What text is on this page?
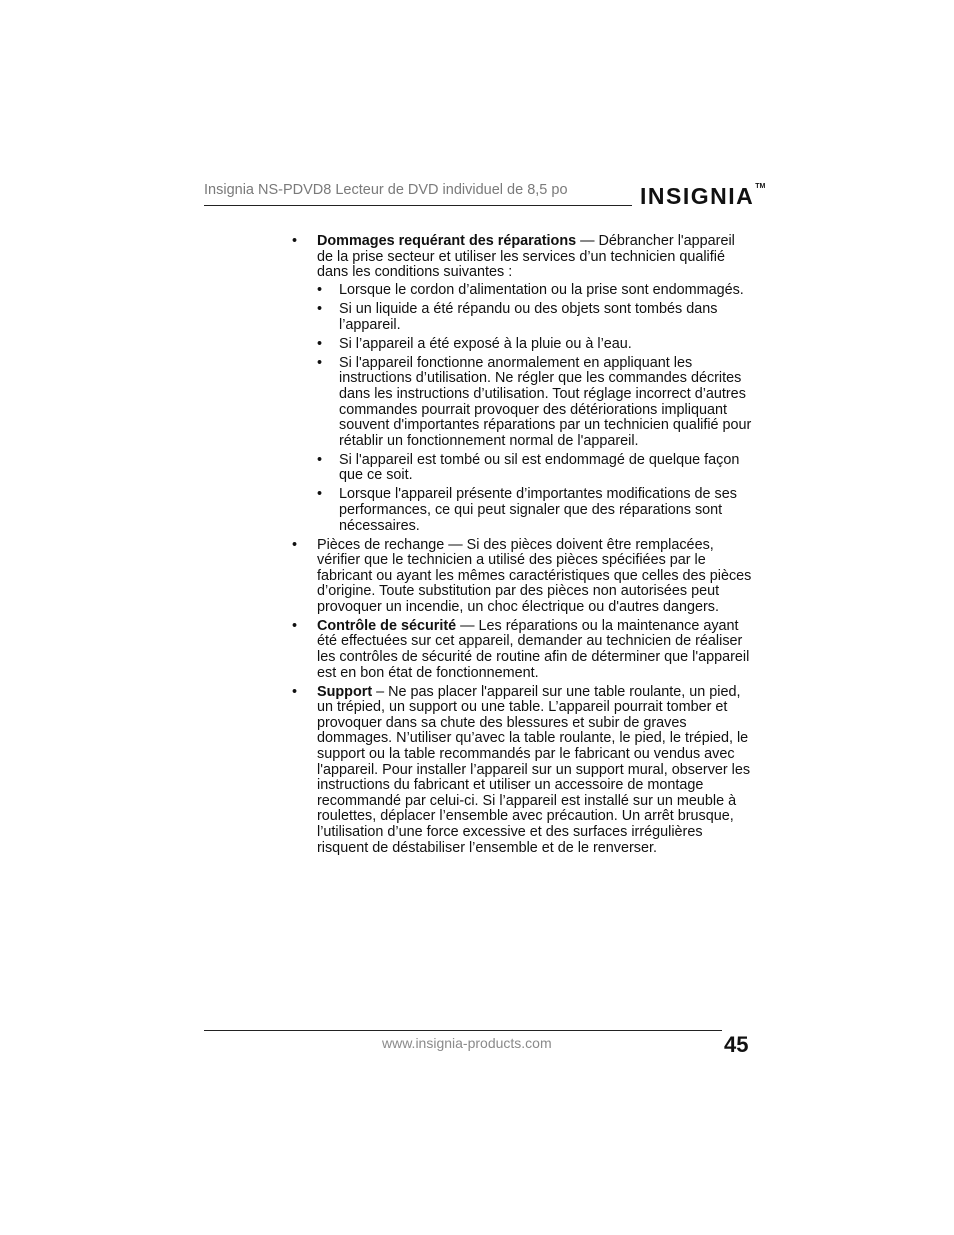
Insignia NS-PDVD8 Lecteur de DVD individuel de 8,5 po	INSIGNIA™
• Dommages requérant des réparations — Débrancher l'appareil de la prise secteur et utiliser les services d’un technicien qualifié dans les conditions suivantes :
• Lorsque le cordon d’alimentation ou la prise sont endommagés.
• Si un liquide a été répandu ou des objets sont tombés dans l’appareil.
• Si l’appareil a été exposé à la pluie ou à l’eau.
• Si l'appareil fonctionne anormalement en appliquant les instructions d’utilisation. Ne régler que les commandes décrites dans les instructions d’utilisation. Tout réglage incorrect d’autres commandes pourrait provoquer des détériorations impliquant souvent d'importantes réparations par un technicien qualifié pour rétablir un fonctionnement normal de l'appareil.
• Si l'appareil est tombé ou sil est endommagé de quelque façon que ce soit.
• Lorsque l'appareil présente d’importantes modifications de ses performances, ce qui peut signaler que des réparations sont nécessaires.
• Pièces de rechange — Si des pièces doivent être remplacées, vérifier que le technicien a utilisé des pièces spécifiées par le fabricant ou ayant les mêmes caractéristiques que celles des pièces d’origine. Toute substitution par des pièces non autorisées peut provoquer un incendie, un choc électrique ou d'autres dangers.
• Contrôle de sécurité — Les réparations ou la maintenance ayant été effectuées sur cet appareil, demander au technicien de réaliser les contrôles de sécurité de routine afin de déterminer que l'appareil est en bon état de fonctionnement.
• Support – Ne pas placer l'appareil sur une table roulante, un pied, un trépied, un support ou une table. L’appareil pourrait tomber et provoquer dans sa chute des blessures et subir de graves dommages. N’utiliser qu’avec la table roulante, le pied, le trépied, le support ou la table recommandés par le fabricant ou vendus avec l'appareil. Pour installer l’appareil sur un support mural, observer les instructions du fabricant et utiliser un accessoire de montage recommandé par celui-ci. Si l’appareil est installé sur un meuble à roulettes, déplacer l’ensemble avec précaution. Un arrêt brusque, l’utilisation d’une force excessive et des surfaces irrégulières risquent de déstabiliser l’ensemble et de le renverser.
www.insignia-products.com	45
